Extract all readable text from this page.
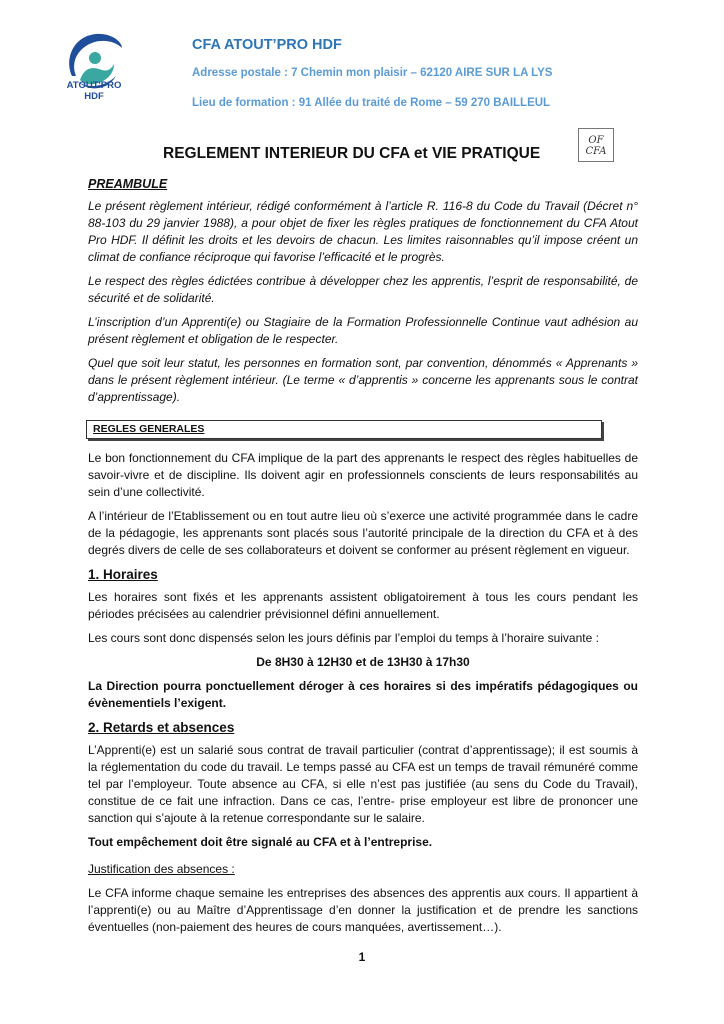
ATOUT'PRO
HDF
CFA ATOUT’PRO HDF
Adresse postale : 7 Chemin mon plaisir – 62120 AIRE SUR LA LYS
Lieu de formation : 91 Allée du traité de Rome – 59 270 BAILLEUL
REGLEMENT INTERIEUR DU CFA et VIE PRATIQUE
OF
CFA

PREAMBULE

Le présent règlement intérieur, rédigé conformément à l’article R. 116-8 du Code du Travail (Décret n° 88-103 du 29 janvier 1988), a pour objet de fixer les règles pratiques de fonctionnement du CFA Atout Pro HDF. Il définit les droits et les devoirs de chacun. Les limites raisonnables qu’il impose créent un climat de confiance réciproque qui favorise l’efficacité et le progrès.

Le respect des règles édictées contribue à développer chez les apprentis, l’esprit de responsabilité, de sécurité et de solidarité.

L’inscription d’un Apprenti(e) ou Stagiaire de la Formation Professionnelle Continue vaut adhésion au présent règlement et obligation de le respecter.

Quel que soit leur statut, les personnes en formation sont, par convention, dénommés « Apprenants » dans le présent règlement intérieur. (Le terme « d’apprentis » concerne les apprenants sous le contrat d’apprentissage).

REGLES GENERALES

Le bon fonctionnement du CFA implique de la part des apprenants le respect des règles habituelles de savoir-vivre et de discipline. Ils doivent agir en professionnels conscients de leurs responsabilités au sein d’une collectivité.

A l’intérieur de l’Etablissement ou en tout autre lieu où s’exerce une activité programmée dans le cadre de la pédagogie, les apprenants sont placés sous l’autorité principale de la direction du CFA et à des degrés divers de celle de ses collaborateurs et doivent se conformer au présent règlement en vigueur.

1. Horaires

Les horaires sont fixés et les apprenants assistent obligatoirement à tous les cours pendant les périodes précisées au calendrier prévisionnel défini annuellement.

Les cours sont donc dispensés selon les jours définis par l’emploi du temps à l’horaire suivante :

De 8H30 à 12H30 et de 13H30 à 17h30

La Direction pourra ponctuellement déroger à ces horaires si des impératifs pédagogiques ou évènementiels l’exigent.

2. Retards et absences

L’Apprenti(e) est un salarié sous contrat de travail particulier (contrat d’apprentissage); il est soumis à la réglementation du code du travail. Le temps passé au CFA est un temps de travail rémunéré comme tel par l’employeur. Toute absence au CFA, si elle n’est pas justifiée (au sens du Code du Travail), constitue de ce fait une infraction. Dans ce cas, l’entre- prise employeur est libre de prononcer une sanction qui s’ajoute à la retenue correspondante sur le salaire.

Tout empêchement doit être signalé au CFA et à l’entreprise.

Justification des absences :

Le CFA informe chaque semaine les entreprises des absences des apprentis aux cours. Il appartient à l’apprenti(e) ou au Maître d’Apprentissage d’en donner la justification et de prendre les sanctions éventuelles (non-paiement des heures de cours manquées, avertissement…).

1
